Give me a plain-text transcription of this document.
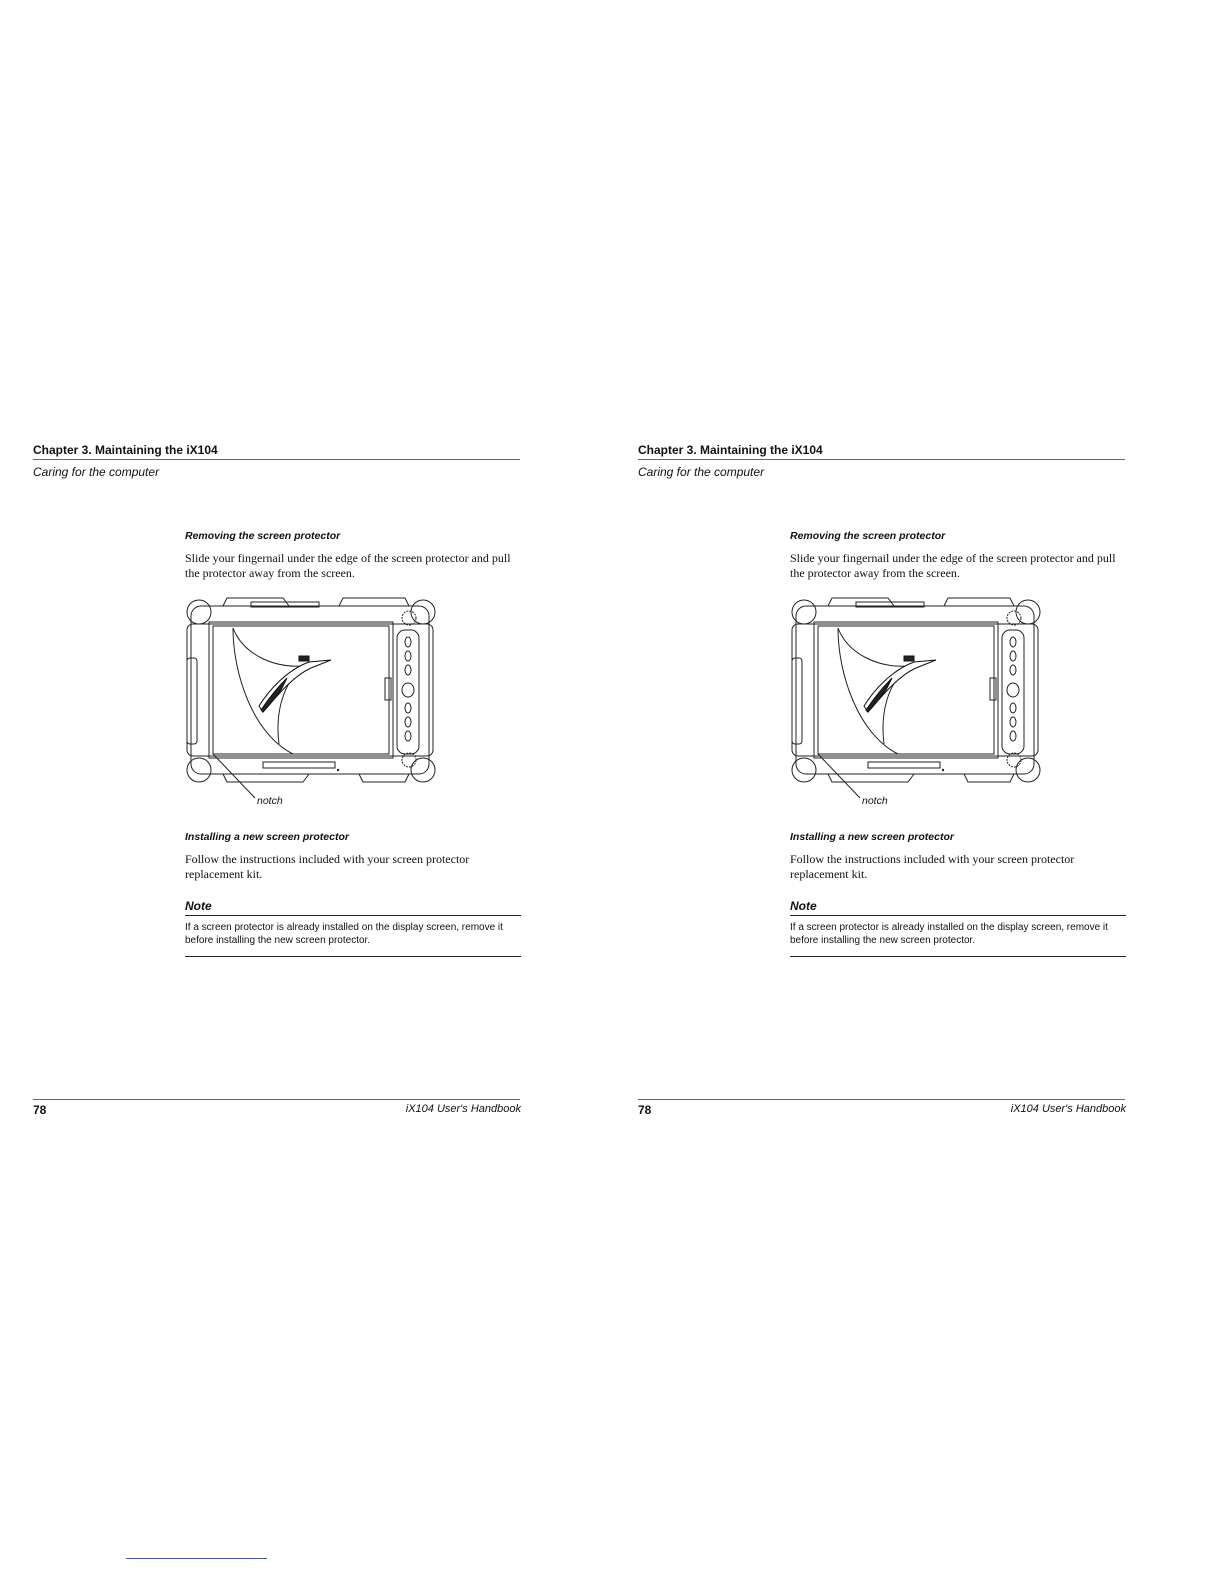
Chapter 3. Maintaining the iX104
Caring for the computer
Removing the screen protector
Slide your fingernail under the edge of the screen protector and pull the protector away from the screen.
notch
Installing a new screen protector
Follow the instructions included with your screen protector replacement kit.
Note
If a screen protector is already installed on the display screen, remove it before installing the new screen protector.
78	iX104 User's Handbook
Chapter 3. Maintaining the iX104
Caring for the computer
Removing the screen protector
Slide your fingernail under the edge of the screen protector and pull the protector away from the screen.
notch
Installing a new screen protector
Follow the instructions included with your screen protector replacement kit.
Note
If a screen protector is already installed on the display screen, remove it before installing the new screen protector.
78	iX104 User's Handbook
